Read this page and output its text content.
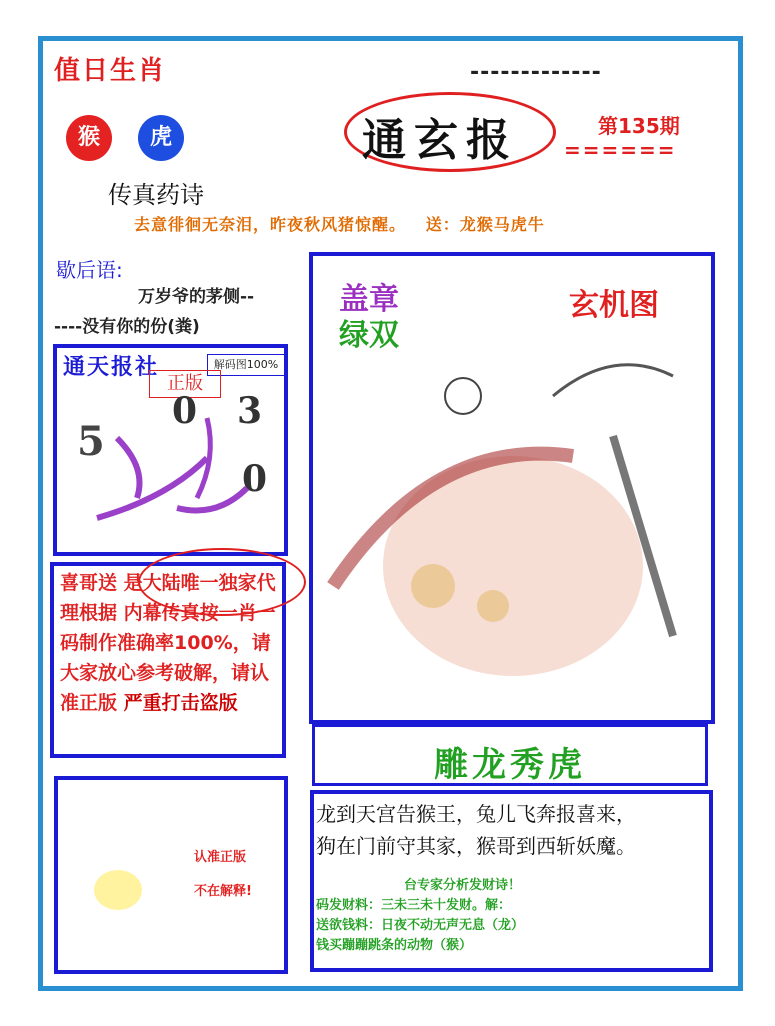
值日生肖	-------------
猴	虎
传真药诗
通玄报	第135期
======
去意徘徊无奈泪，昨夜秋风猪惊醒。   送：龙猴马虎牛
歇后语:
万岁爷的茅侧--
----没有你的份(粪)
通天报社	解码图100%
正版
5
0 3
0
喜哥送 是大陆唯一独家代理根据 内幕传真按一肖一码制作准确率100%，请大家放心参考破解，请认准正版 严重打击盗版
盖章
绿双
玄机图
雕龙秀虎
龙到天宫告猴王，兔儿飞奔报喜来，
狗在门前守其家，猴哥到西斩妖魔。
台专家分析发财诗！
码发财料：三未三未十发财。解：
送欲钱料：日夜不动无声无息（龙）
钱买蹦蹦跳条的动物（猴）
认准正版
不在解释!
